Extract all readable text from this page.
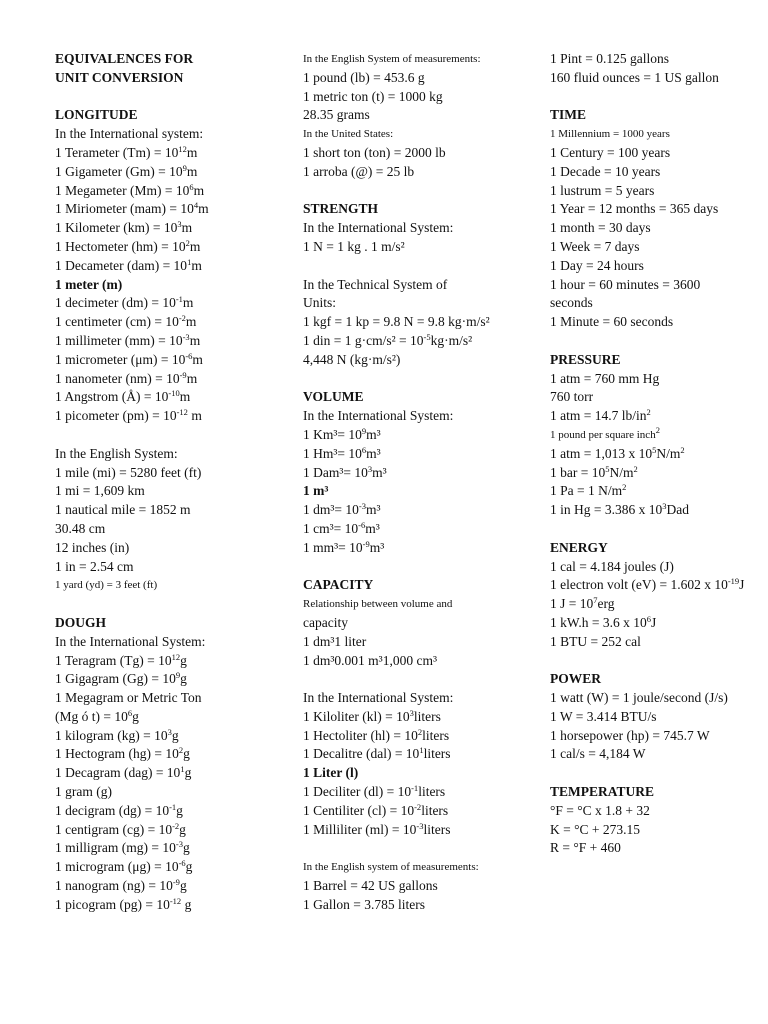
EQUIVALENCES FOR
UNIT CONVERSION
LONGITUDE
In the International system:
1 Terameter $(Tm) = 10^{12}m$
1 Gigameter $(Gm) = 10^9m$
1 Megameter $(Mm) = 10^6m$
1 Miriometer $(mam) = 10^4m$
1 Kilometer $(km) = 10^3m$
1 Hectometer $(hm) = 10^2m$
1 Decameter $(dam) = 10^1m$
1 meter (m)
1 decimeter $(dm) = 10^{-1}m$
1 centimeter $(cm) = 10^{-2}m$
1 millimeter $(mm) = 10^{-3}m$
1 micrometer $(\mu m) = 10^{-6}m$
1 nanometer $(nm) = 10^{-9}m$
1 Angstrom (Å) = $10^{-10}m$
1 picometer $(pm) = 10^{-12}$ m
In the English System:
1 mile (mi) = 5280 feet (ft)
1 mi = 1,609 km
1 nautical mile = 1852 m
30.48 cm
12 inches (in)
1 in = 2.54 cm
1 yard (yd) = 3 feet (ft)
DOUGH
In the International System:
1 Teragram $(Tg) = 10^{12}g$
1 Gigagram $(Gg) = 10^9g$
1 Megagram or Metric Ton
(Mg ó $t) = 10^6g$
1 kilogram $(kg) = 10^3g$
1 Hectogram $(hg) = 10^2g$
1 Decagram $(dag) = 10^1g$
1 gram (g)
1 decigram $(dg) = 10^{-1}g$
1 centigram $(cg) = 10^{-2}g$
1 milligram $(mg) = 10^{-3}g$
1 microgram $(\mu g) = 10^{-6}g$
1 nanogram $(ng) = 10^{-9}g$
1 picogram $(pg) = 10^{-12}$ g
In the English System of measurements:
1 pound (lb) = 453.6 g
1 metric ton (t) = 1000 kg
28.35 grams
In the United States:
1 short ton (ton) = 2000 lb
1 arroba (@) = 25 lb
STRENGTH
In the International System:
1 N = 1 kg . 1 m/s²
In the Technical System of
Units:
1 kgf = 1 kp = 9.8 N = 9.8 kg·m/s²
1 din = 1 $g\cdot cm/s^2 = 10^{-5}kg\cdot m/s^2$
4,448 N (kg·m/s²)
VOLUME
In the International System:
1 $Km^3= 10^9m^3$
1 $Hm^3= 10^6m^3$
1 $Dam^3= 10^3m^3$
1 m³
1 $dm^3= 10^{-3}m^3$
1 $cm^3= 10^{-6}m^3$
1 $mm^3= 10^{-9}m^3$
CAPACITY
Relationship between volume and
capacity
1 dm³1 liter
1 dm³0.001 m³1,000 cm³
In the International System:
1 Kiloliter $(kl) = 10^3liters$
1 Hectoliter $(hl) = 10^2liters$
1 Decalitre $(dal) = 10^1liters$
1 Liter (l)
1 Deciliter $(dl) = 10^{-1}liters$
1 Centiliter $(cl) = 10^{-2}liters$
1 Milliliter $(ml) = 10^{-3}liters$
In the English system of measurements:
1 Barrel = 42 US gallons
1 Gallon = 3.785 liters
1 Pint = 0.125 gallons
160 fluid ounces = 1 US gallon
TIME
1 Millennium = 1000 years
1 Century = 100 years
1 Decade = 10 years
1 lustrum = 5 years
1 Year = 12 months = 365 days
1 month = 30 days
1 Week = 7 days
1 Day = 24 hours
1 hour = 60 minutes = 3600
seconds
1 Minute = 60 seconds
PRESSURE
1 atm = 760 mm Hg
760 torr
1 atm = 14.7 $lb/in^2$
1 pound per square inch$^2$
1 atm = 1,013 x $10^5N/m^2$
1 bar = $10^5N/m^2$
1 Pa = 1 $N/m^2$
1 in Hg = 3.386 x $10^3Dad$
ENERGY
1 cal = 4.184 joules (J)
1 electron volt (eV) = 1.602 x $10^{-19}J$
1 $J = 10^7erg$
1 kW.h = 3.6 x $10^6J$
1 BTU = 252 cal
POWER
1 watt (W) = 1 joule/second (J/s)
1 W = 3.414 BTU/s
1 horsepower (hp) = 745.7 W
1 cal/s = 4,184 W
TEMPERATURE
°F = °C x 1.8 + 32
K = °C + 273.15
R = °F + 460
